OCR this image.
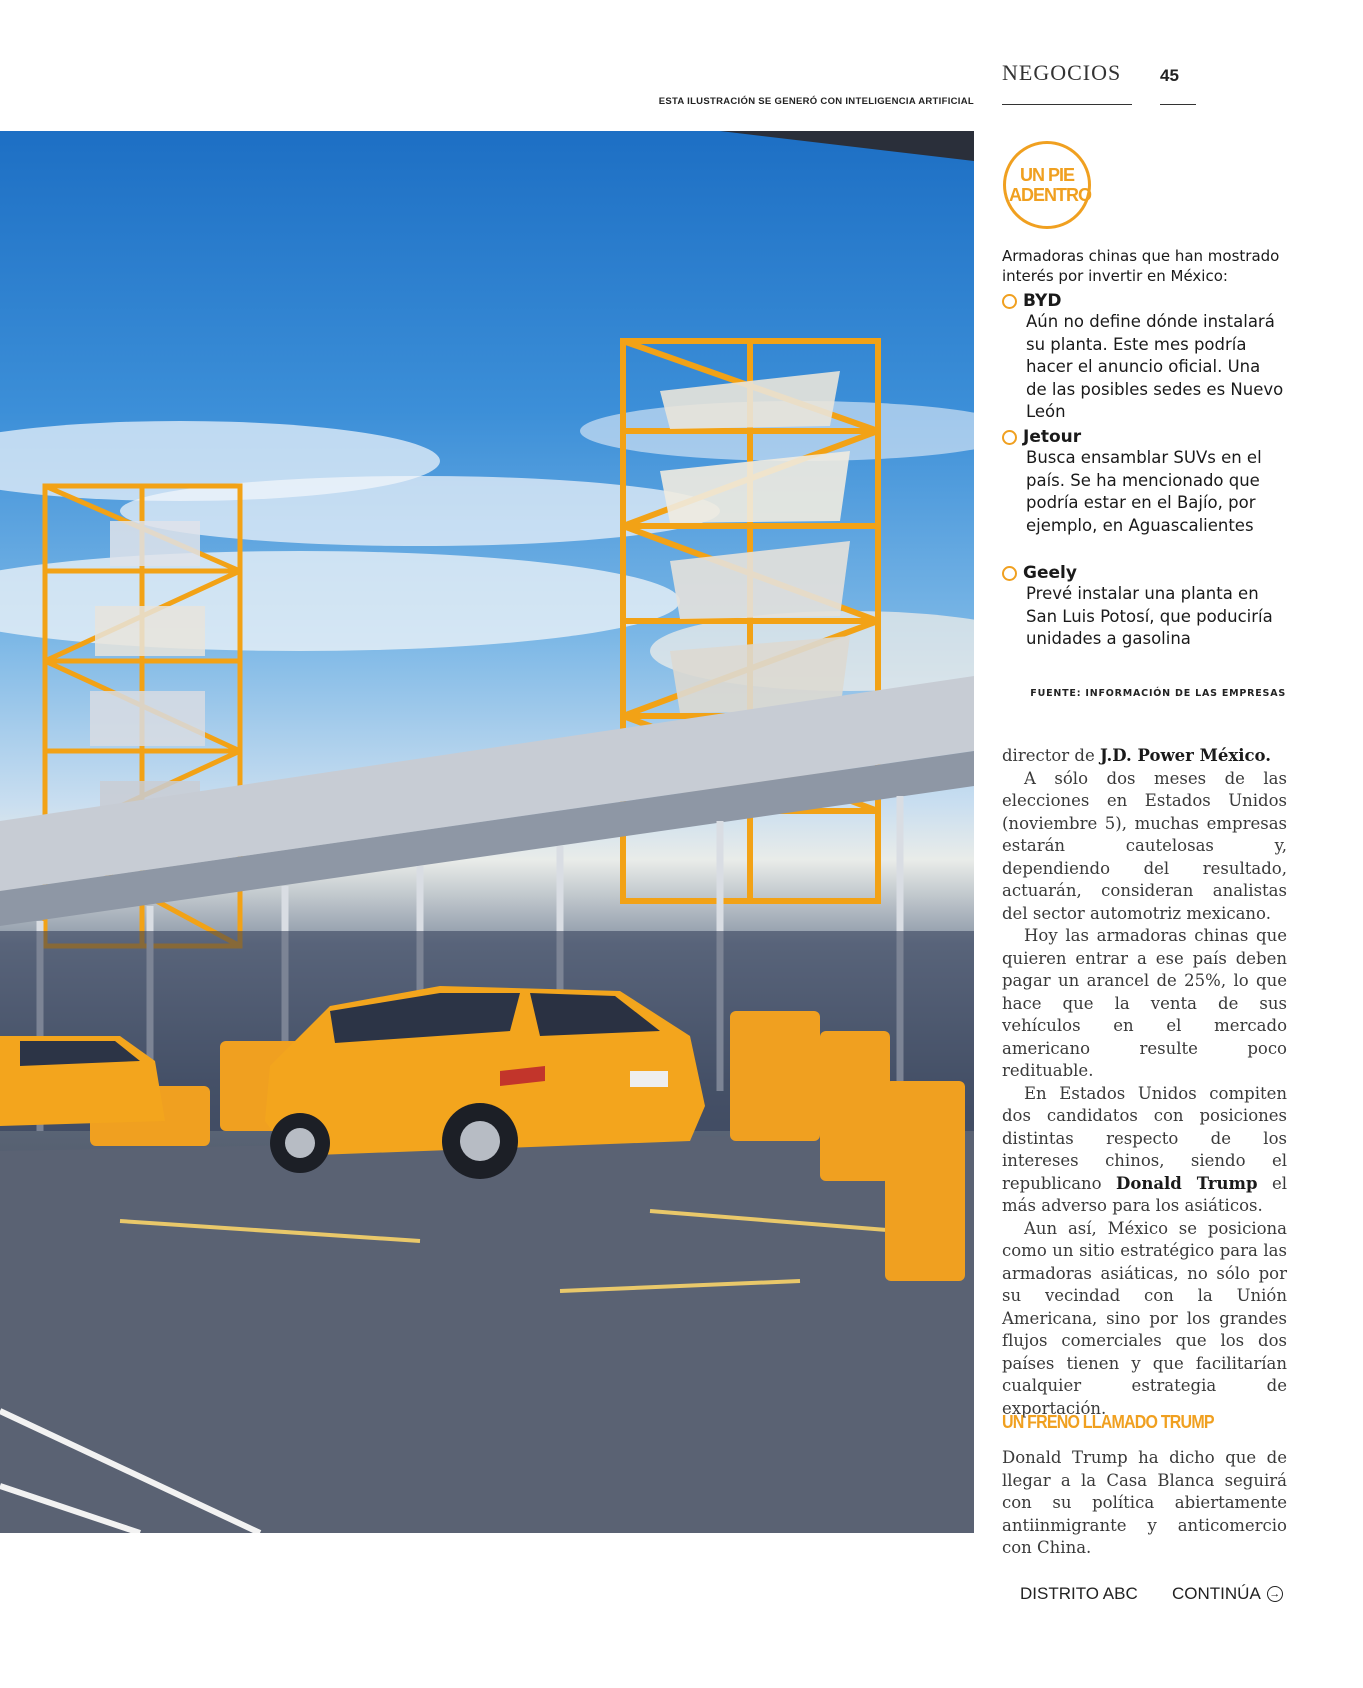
NEGOCIOS	45
ESTA ILUSTRACIÓN SE GENERÓ CON INTELIGENCIA ARTIFICIAL
UN PIE ADENTRO
Armadoras chinas que han mostrado interés por invertir en México:
BYD
Aún no define dónde instalará su planta. Este mes podría hacer el anuncio oficial. Una de las posibles sedes es Nuevo León
Jetour
Busca ensamblar SUVs en el país. Se ha mencionado que podría estar en el Bajío, por ejemplo, en Aguascalientes
Geely
Prevé instalar una planta en San Luis Potosí, que poduciría unidades a gasolina
FUENTE: INFORMACIÓN DE LAS EMPRESAS

director de J.D. Power México.

A sólo dos meses de las elecciones en Estados Unidos (noviembre 5), muchas empresas estarán cautelosas y, dependiendo del resultado, actuarán, consideran analistas del sector automotriz mexicano.

Hoy las armadoras chinas que quieren entrar a ese país deben pagar un arancel de 25%, lo que hace que la venta de sus vehículos en el mercado americano resulte poco redituable.

En Estados Unidos compiten dos candidatos con posiciones distintas respecto de los intereses chinos, siendo el republicano Donald Trump el más adverso para los asiáticos.

Aun así, México se posiciona como un sitio estratégico para las armadoras asiáticas, no sólo por su vecindad con la Unión Americana, sino por los grandes flujos comerciales que los dos países tienen y que facilitarían cualquier estrategia de exportación.

UN FRENO LLAMADO TRUMP

Donald Trump ha dicho que de llegar a la Casa Blanca seguirá con su política abiertamente antiinmigrante y anticomercio con China.

DISTRITO ABC CONTINÚA →
